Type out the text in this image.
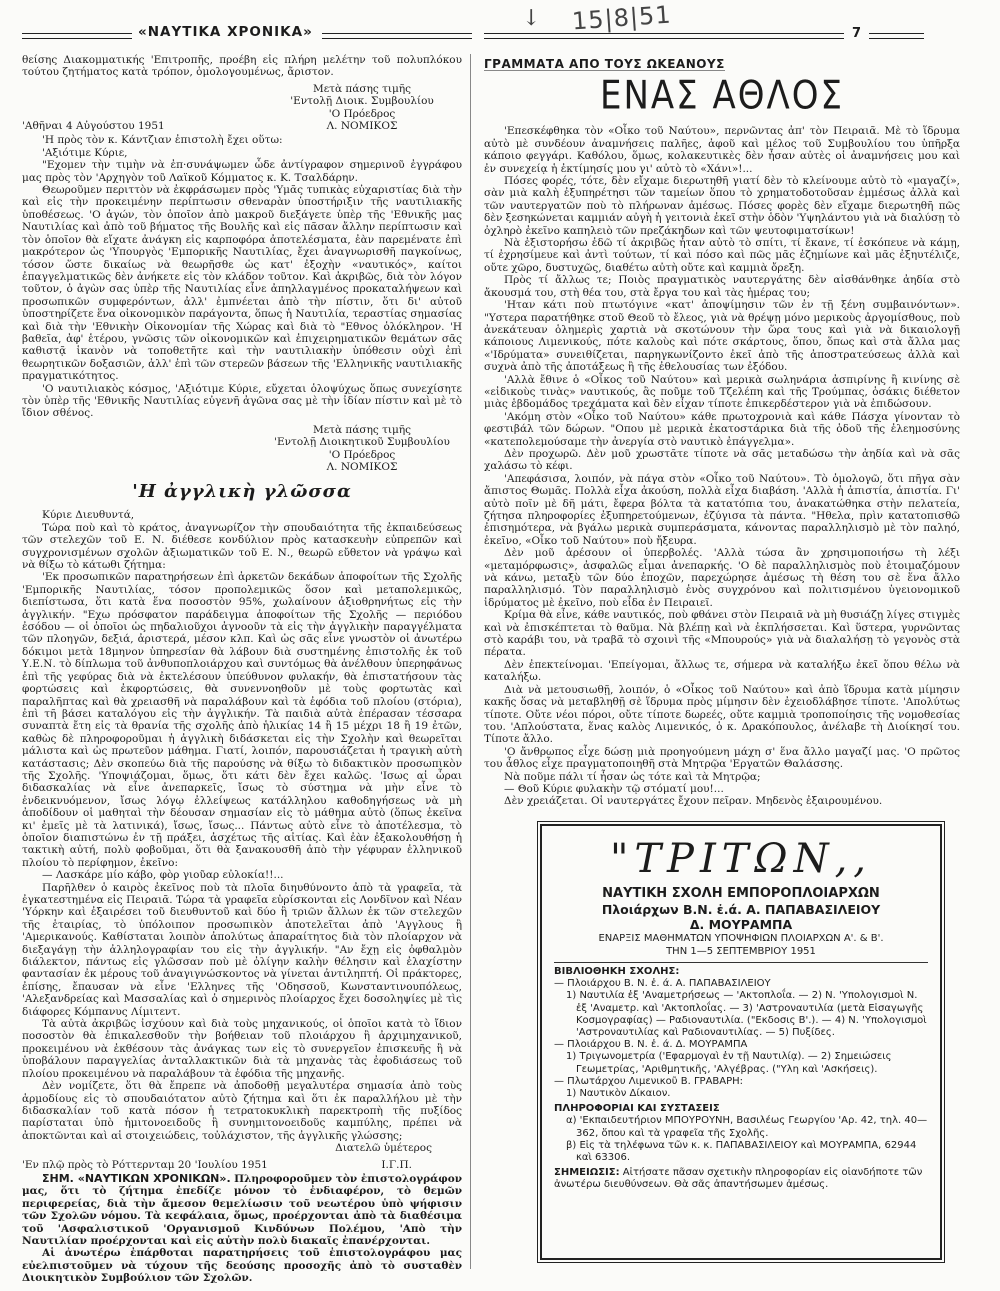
15|8|51
↓
«ΝΑΥΤΙΚΑ ΧΡΟΝΙΚΑ»	7

θείσης Διακομματικής 'Επιτροπῆς, προέβη εἰς πλήρη μελέτην τοῦ πολυπλόκου τούτου ζητήματος κατὰ τρόπον, ὁμολογουμένως, ἄριστον.

'Αθῆναι 4 Αὐγούστου 1951
Μετὰ πάσης τιμῆς
'Εντολῇ Διοικ. Συμβουλίου
'Ο Πρόεδρος
Λ. ΝΟΜΙΚΟΣ

'Η πρὸς τὸν κ. Κάντζιαν ἐπιστολὴ ἔχει οὕτω:

'Αξιότιμε Κύριε,

"Εχομεν τὴν τιμὴν νὰ ἐπ·συνάψωμεν ὧδε ἀντίγραφον σημερινοῦ ἐγγράφου μας πρὸς τὸν 'Αρχηγὸν τοῦ Λαϊκοῦ Κόμματος κ. Κ. Τσαλδάρην.

Θεωροῦμεν περιττὸν νὰ ἐκφράσωμεν πρὸς 'Υμᾶς τυπικὰς εὐχαριστίας διὰ τὴν καὶ εἰς τὴν προκειμένην περίπτωσιν σθεναρὰν ὑποστήριξιν τῆς ναυτιλιακῆς ὑποθέσεως. 'Ο ἀγών, τὸν ὁποῖον ἀπὸ μακροῦ διεξάγετε ὑπὲρ τῆς 'Εθνικῆς μας Ναυτιλίας καὶ ἀπὸ τοῦ βήματος τῆς Βουλῆς καὶ εἰς πᾶσαν ἄλλην περίπτωσιν καὶ τὸν ὁποῖον θὰ εἴχατε ἀνάγκη εἰς καρποφόρα ἀποτελέσματα, ἐὰν παρεμένατε ἐπὶ μακρότερον ὡς 'Υπουργὸς 'Εμπορικῆς Ναυτιλίας, ἔχει ἀναγνωρισθῆ παγκοίνως, τόσον ὥστε δικαίως νὰ θεωρῆσθε ὡς κατ' ἐξοχὴν «ναυτικός», καίτοι ἐπαγγελματικῶς δὲν ἀνήκετε εἰς τὸν κλάδον τοῦτον. Καὶ ἀκριβῶς, διὰ τὸν λόγον τοῦτον, ὁ ἀγὼν σας ὑπὲρ τῆς Ναυτιλίας εἶνε ἀπηλλαγμένος προκαταλήψεων καὶ προσωπικῶν συμφερόντων, ἀλλ' ἐμπνέεται ἀπὸ τὴν πίστιν, ὅτι δι' αὐτοῦ ὑποστηρίζετε ἕνα οἰκονομικὸν παράγοντα, ὅπως ἡ Ναυτιλία, τεραστίας σημασίας καὶ διὰ τὴν 'Εθνικὴν Οἰκονομίαν τῆς Χώρας καὶ διὰ τὸ "Εθνος ὁλόκληρον. 'Η βαθεῖα, ἀφ' ἑτέρου, γνῶσις τῶν οἰκονομικῶν καὶ ἐπιχειρηματικῶν θεμάτων σᾶς καθιστᾷ ἱκανὸν νὰ τοποθετῆτε καὶ τὴν ναυτιλιακὴν ὑπόθεσιν οὐχὶ ἐπὶ θεωρητικῶν δοξασιῶν, ἀλλ' ἐπὶ τῶν στερεῶν βάσεων τῆς 'Ελληνικῆς ναυτιλιακῆς πραγματικότητος.

'Ο ναυτιλιακὸς κόσμος, 'Αξιότιμε Κύριε, εὔχεται ὁλοψύχως ὅπως συνεχίσητε τὸν ὑπὲρ τῆς 'Εθνικῆς Ναυτιλίας εὐγενῆ ἀγῶνα σας μὲ τὴν ἰδίαν πίστιν καὶ μὲ τὸ ἴδιον σθένος.

Μετὰ πάσης τιμῆς
'Εντολῇ Διοικητικοῦ Συμβουλίου
'Ο Πρόεδρος
Λ. ΝΟΜΙΚΟΣ
'Η ἀγγλικὴ γλῶσσα

Κύριε Διευθυντά,

Τώρα ποὺ καὶ τὸ κράτος, ἀναγνωρίζον τὴν σπουδαιότητα τῆς ἐκπαιδεύσεως τῶν στελεχῶν τοῦ Ε. Ν. διέθεσε κονδύλιον πρὸς κατασκευὴν εὐπρεπῶν καὶ συγχρονισμένων σχολῶν ἀξιωματικῶν τοῦ Ε. Ν., θεωρῶ εὔθετον νὰ γράψω καὶ νὰ θίξω τὸ κάτωθι ζήτημα:

'Εκ προσωπικῶν παρατηρήσεων ἐπὶ ἀρκετῶν δεκάδων ἀποφοίτων τῆς Σχολῆς 'Εμπορικῆς Ναυτιλίας, τόσον προπολεμικῶς ὅσον καὶ μεταπολεμικῶς, διεπίστωσα, ὅτι κατὰ ἕνα ποσοστὸν 95%, χωλαίνουν ἀξιοθρηνήτως εἰς τὴν ἀγγλικήν. "Εχω πρόσφατον παράδειγμα ἀποφοίτων τῆς Σχολῆς — περιόδου ἐσόδου — οἱ ὁποῖοι ὡς πηδαλιοῦχοι ἀγνοοῦν τὰ εἰς τὴν ἀγγλικὴν παραγγέλματα τῶν πλοηγῶν, δεξιά, ἀριστερά, μέσον κλπ. Καὶ ὡς σᾶς εἶνε γνωστὸν οἱ ἀνωτέρω δόκιμοι μετὰ 18μηνον ὑπηρεσίαν θὰ λάβουν διὰ συστημένης ἐπιστολῆς ἐκ τοῦ Υ.Ε.Ν. τὸ δίπλωμα τοῦ ἀνθυποπλοιάρχου καὶ συντόμως θὰ ἀνέλθουν ὑπερηφάνως ἐπὶ τῆς γεφύρας διὰ νὰ ἐκτελέσουν ὑπεύθυνον φυλακήν, θὰ ἐπιστατήσουν τὰς φορτώσεις καὶ ἐκφορτώσεις, θὰ συνεννοηθοῦν μὲ τοὺς φορτωτὰς καὶ παραλῆπτας καὶ θὰ χρειασθῆ νὰ παραλάβουν καὶ τὰ ἐφόδια τοῦ πλοίου (στόρια), ἐπὶ τῆ βάσει καταλόγου εἰς τὴν ἀγγλικήν. Τὰ παιδιὰ αὐτὰ ἐπέρασαν τέσσαρα συναπτὰ ἔτη εἰς τὰ θρανία τῆς σχολῆς ἀπὸ ἡλικίας 14 ἢ 15 μέχρι 18 ἢ 19 ἐτῶν, καθὼς δὲ πληροφοροῦμαι ἡ ἀγγλικὴ διδάσκεται εἰς τὴν Σχολὴν καὶ θεωρεῖται μάλιστα καὶ ὡς πρωτεῦον μάθημα. Γιατί, λοιπόν, παρουσιάζεται ἡ τραγικὴ αὐτὴ κατάστασις; Δὲν σκοπεύω διὰ τῆς παρούσης νὰ θίξω τὸ διδακτικὸν προσωπικὸν τῆς Σχολῆς. 'Υποψιάζομαι, ὅμως, ὅτι κάτι δὲν ἔχει καλῶς. 'Ισως αἱ ὧραι διδασκαλίας νὰ εἶνε ἀνεπαρκεῖς, ἴσως τὸ σύστημα νὰ μὴν εἶνε τὸ ἐνδεικνυόμενον, ἴσως λόγῳ ἐλλείψεως κατάλληλου καθοδηγήσεως νὰ μὴ ἀποδίδουν οἱ μαθηταὶ τὴν δέουσαν σημασίαν εἰς τὸ μάθημα αὐτὸ (ὅπως ἐκεῖνα κι' ἐμεῖς μὲ τὰ λατινικά), ἴσως, ἴσως... Πάντως αὐτὸ εἶνε τὸ ἀποτέλεσμα, τὸ ὁποῖον διαπιστώνω ἐν τῇ πράξει, ἀσχέτως τῆς αἰτίας. Καὶ ἐὰν ἐξακολουθήσῃ ἡ τακτικὴ αὐτή, πολὺ φοβοῦμαι, ὅτι θὰ ξανακουσθῆ ἀπὸ τὴν γέφυραν ἑλληνικοῦ πλοίου τὸ περίφημον, ἐκεῖνο:

— Λασκάρε μίο κάβο, φὸρ γιοῦαρ εὐλοκία!!...

Παρῆλθεν ὁ καιρὸς ἐκεῖνος ποὺ τὰ πλοῖα διηυθύνοντο ἀπὸ τὰ γραφεῖα, τὰ ἐγκατεστημένα εἰς Πειραιᾶ. Τώρα τὰ γραφεῖα εὑρίσκονται εἰς Λονδῖνον καὶ Νέαν 'Υόρκην καὶ ἐξαιρέσει τοῦ διευθυντοῦ καὶ δύο ἢ τριῶν ἄλλων ἐκ τῶν στελεχῶν τῆς ἑταιρίας, τὸ ὑπόλοιπον προσωπικὸν ἀποτελεῖται ἀπὸ 'Αγγλους ἢ 'Αμερικανούς. Καθίσταται λοιπὸν ἀπολύτως ἀπαραίτητος διὰ τὸν πλοίαρχον νὰ διεξαγάγῃ τὴν ἀλληλογραφίαν του εἰς τὴν ἀγγλικήν. "Αν ἔχῃ εἰς ὀφθαλμὸν διάλεκτον, πάντως εἰς γλῶσσαν ποὺ μὲ ὀλίγην καλὴν θέλησιν καὶ ἐλαχίστην φαντασίαν ἐκ μέρους τοῦ ἀναγιγνώσκοντος νὰ γίνεται ἀντιληπτή. Οἱ πράκτορες, ἐπίσης, ἔπαυσαν νὰ εἶνε 'Ελληνες τῆς 'Οδησσοῦ, Κωνσταντινουπόλεως, 'Αλεξανδρείας καὶ Μασσαλίας καὶ ὁ σημερινὸς πλοίαρχος ἔχει δοσοληψίες μὲ τὶς διάφορες Κόμπανυς Λίμιτεντ.

Τὰ αὐτὰ ἀκριβῶς ἰσχύουν καὶ διὰ τοὺς μηχανικούς, οἱ ὁποῖοι κατὰ τὸ ἴδιον ποσοστὸν θὰ ἐπικαλεσθοῦν τὴν βοήθειαν τοῦ πλοιάρχου ἢ ἀρχιμηχανικοῦ, προκειμένου νὰ ἐκθέσουν τὰς ἀνάγκας των εἰς τὸ συνεργεῖον ἐπισκευῆς ἢ νὰ ὑποβάλουν παραγγελίας ἀνταλλακτικῶν διὰ τὰ μηχανὰς τὰς ἐφοδιάσεως τοῦ πλοίου προκειμένου νὰ παραλάβουν τὰ ἐφόδια τῆς μηχανῆς.

Δὲν νομίζετε, ὅτι θὰ ἔπρεπε νὰ ἀποδοθῇ μεγαλυτέρα σημασία ἀπὸ τοὺς ἁρμοδίους εἰς τὸ σπουδαιότατον αὐτὸ ζήτημα καὶ ὅτι ἐκ παραλλήλου μὲ τὴν διδασκαλίαν τοῦ κατὰ πόσον ἡ τετρατοκυκλικὴ παρεκτροπὴ τῆς πυξίδος παρίσταται ὑπὸ ἡμιτονοειδοῦς ἢ συνημιτονοειδοῦς καμπύλης, πρέπει νὰ ἀποκτῶνται καὶ αἱ στοιχειώδεις, τοὐλάχιστον, τῆς ἀγγλικῆς γλώσσης;

Διατελῶ ὑμέτερος
'Εν πλῷ πρὸς τὸ Ρόττερνταμ 20 'Ιουλίου 1951	Ι.Γ.Π.

ΣΗΜ. «ΝΑΥΤΙΚΩΝ ΧΡΟΝΙΚΩΝ». Πληροφοροῦμεν τὸν ἐπιστολογράφον μας, ὅτι τὸ ζήτημα ἐπεδίζε μόνον τὸ ἐνδιαφέρον, τὸ θεμῶν περιφερείας, διὰ τὴν ἄμεσον θεμελίωσιν τοῦ νεωτέρου ὑπὸ ψήφισιν τῶν Σχολῶν νόμου. Τὰ κεφάλαια, ὅμως, προέρχονται ἀπὸ τὰ διαθέσιμα τοῦ 'Ασφαλιστικοῦ 'Οργανισμοῦ Κινδύνων Πολέμου, 'Απὸ τὴν Ναυτιλίαν προέρχονται καὶ εἰς αὐτὴν πολὺ διακαῖς ἐπανέρχονται.

Αἱ ἀνωτέρω ἐπάρθοται παρατηρήσεις τοῦ ἐπιστολογράφου μας εὐελπιστοῦμεν νὰ τύχουν τῆς δεούσης προσοχῆς ἀπὸ τὸ συσταθὲν Διοικητικὸν Συμβούλιον τῶν Σχολῶν.

ΓΡΑΜΜΑΤΑ ΑΠΟ ΤΟΥΣ ΩΚΕΑΝΟΥΣ
ΕΝΑΣ ΑΘΛΟΣ

'Επεσκέφθηκα τὸν «Οἶκο τοῦ Ναύτου», περνῶντας ἀπ' τὸν Πειραιᾶ. Μὲ τὸ ἵδρυμα αὐτὸ μὲ συνδέουν ἀναμνήσεις παλῆες, ἀφοῦ καὶ μέλος τοῦ Συμβουλίου του ὑπῆρξα κάποιο φεγγάρι. Καθόλου, ὅμως, κολακευτικὲς δὲν ἦσαν αὐτὲς οἱ ἀναμνήσεις μου καὶ ἐν συνεχείᾳ ἡ ἐκτίμησίς μου γι' αὐτὸ τὸ «Χάνι»!...

Πόσες φορές, τότε, δὲν εἴχαμε διερωτηθῆ γιατί δὲν τὸ κλείνουμε αὐτὸ τὸ «μαγαζί», σὰν μιὰ καλὴ ἐξυπηρέτησι τῶν ταμείων ὅπου τὸ χρηματοδοτοῦσαν ἐμμέσως ἀλλὰ καὶ τῶν ναυτεργατῶν ποὺ τὸ πλήρωναν ἀμέσως. Πόσες φορὲς δὲν εἴχαμε διερωτηθῆ πῶς δὲν ξεσηκώνεται καμμιάν αὐγὴ ἡ γειτονιὰ ἐκεῖ στὴν ὁδὸν 'Υψηλάντου γιὰ νὰ διαλύσῃ τὸ ὀχληρὸ ἐκεῖνο καπηλειὸ τῶν πρεζάκηδων καὶ τῶν ψευτοφιματσίκων!

Νὰ ἐξιστορήσω ἐδῶ τί ἀκριβῶς ἦταν αὐτὸ τὸ σπίτι, τί ἔκανε, τί ἐσκόπευε νὰ κάμῃ, τί ἐχρησίμευε καὶ ἀντὶ τούτων, τί καὶ πόσο καὶ πῶς μᾶς ἐζημίωνε καὶ μᾶς ἐξηυτέλιζε, οὔτε χῶρο, δυστυχῶς, διαθέτω αὐτὴ οὔτε καὶ καμμιὰ ὄρεξη.

Πρὸς τί ἄλλως τε; Ποιὸς πραγματικὸς ναυτεργάτης δὲν αἰσθάνθηκε ἀηδία στὸ ἄκουσμά του, στὴ θέα του, στὰ ἔργα του καὶ τὰς ἡμέρας του;

'Ηταν κάτι ποὺ πτωτόγινε «κατ' ἀποψίμησιν τῶν ἐν τῇ ξένη συμβαινόντων». "Υστερα παρατήθηκε στοῦ Θεοῦ τὸ ἔλεος, γιὰ νὰ θρέψῃ μόνο μερικοὺς ἀργομίσθους, ποὺ ἀνεκάτευαν ὁλημερὶς χαρτιὰ νὰ σκοτώνουν τὴν ὥρα τους καὶ γιὰ νὰ δικαιολογῇ κάποιους Λιμενικούς, πότε καλοὺς καὶ πότε σκάρτους, ὅπου, ὅπως καὶ στὰ ἄλλα μας «'Ιδρύματα» συνειθίζεται, παρηγκωνίζοντο ἐκεῖ ἀπὸ τῆς ἀποστρατεύσεως ἀλλὰ καὶ συχνὰ ἀπὸ τῆς ἀποτάξεως ἢ τῆς ἐθελουσίας των ἐξόδου.

'Αλλὰ ἔθινε ὁ «Οἶκος τοῦ Ναύτου» καὶ μερικὰ σωληνάρια ἀσπιρίνης ἢ κινίνης σὲ «εἰδικοὺς τινὰς» ναυτικούς, ἂς ποῦμε τοῦ Τζελέπη καὶ τῆς Τρούμπας, ὁσάκις διέθετον μιὰς ἑβδομάδος τρεχάματα καὶ δὲν εἶχαν τίποτε ἐπικερδέστερον γιὰ νὰ ἐπιδώσουν.

'Ακόμη στὸν «Οἶκο τοῦ Ναύτου» κάθε πρωτοχρονιὰ καὶ κάθε Πάσχα γίνονταν τὸ φεστιβάλ τῶν δώρων. "Οπου μὲ μερικὰ ἑκατοστάρικα διὰ τῆς ὁδοῦ τῆς ἐλεημοσύνης «κατεπολεμούσαμε τὴν ἀνεργία στὸ ναυτικὸ ἐπάγγελμα».

Δὲν προχωρῶ. Δὲν μοῦ χρωστᾶτε τίποτε νὰ σᾶς μεταδώσω τὴν ἀηδία καὶ νὰ σᾶς χαλάσω τὸ κέφι.

'Απεφάσισα, λοιπόν, νὰ πάγα στὸν «Οἶκο τοῦ Ναύτου». Τὸ ὁμολογῶ, ὅτι πῆγα σὰν ἄπιστος Θωμᾶς. Πολλὰ εἶχα ἀκούση, πολλὰ εἶχα διαβάση. 'Αλλὰ ἡ ἀπιστία, ἀπιστία. Γι' αὐτὸ ποῖν μὲ δῆ μάτι, ἔφερα βόλτα τὰ κατατόπια του, ἀνακατώθηκα στὴν πελατεία, ζήτησα πληροφορίες ἐξυπηρετούμενων, ἐζύγισα τὰ πάντα. "Ηθελα, πρὶν κατατοπισθῶ ἐπισημότερα, νὰ βγάλω μερικὰ συμπεράσματα, κάνοντας παραλληλισμὸ μὲ τὸν παληό, ἐκεῖνο, «Οἶκο τοῦ Ναύτου» ποὺ ἤξευρα.

Δὲν μοῦ ἀρέσουν οἱ ὑπερβολές. 'Αλλὰ τώσα ἂν χρησιμοποιήσω τὴ λέξι «μεταμόρφωσις», ἀσφαλῶς εἶμαι ἀνεπαρκής. 'Ο δὲ παραλληλισμὸς ποὺ ἑτοιμαζόμουν νὰ κάνω, μεταξὺ τῶν δύο ἐποχῶν, παρεχώρησε ἀμέσως τὴ θέση του σὲ ἕνα ἄλλο παραλληλισμό. Τὸν παραλληλισμὸ ἑνὸς συγχρόνου καὶ πολιτισμένου ὑγειονομικοῦ ἱδρύματος μὲ ἐκεῖνο, ποὺ εἶδα ἐν Πειραιεῖ.

Κρίμα θὰ εἶνε, κάθε ναυτικός, ποὺ φθάνει στὸν Πειραιᾶ νὰ μὴ θυσιάζῃ λίγες στιγμὲς καὶ νὰ ἐπισκέπτεται τὸ θαῦμα. Νὰ βλέπῃ καὶ νὰ ἐκπλήσσεται. Καὶ ὕστερα, γυρνῶντας στὸ καράβι του, νὰ τραβᾶ τὸ σχοινὶ τῆς «Μπουρούς» γιὰ νὰ διαλαλήσῃ τὸ γεγονὸς στὰ πέρατα.

Δὲν ἐπεκτείνομαι. 'Επείγομαι, ἄλλως τε, σήμερα νὰ καταλήξω ἐκεῖ ὅπου θέλω νὰ καταλήξω.

Διὰ νὰ μετουσιωθῇ, λοιπόν, ὁ «Οἶκος τοῦ Ναύτου» καὶ ἀπὸ ἵδρυμα κατὰ μίμησιν κακῆς ὅσας νὰ μεταβληθῇ σὲ ἵδρυμα πρὸς μίμησιν δὲν ἐχειοδλάβησε τίποτε. 'Απολύτως τίποτε. Οὔτε νέοι πόροι, οὔτε τίποτε δωρεές, οὔτε καμμιὰ τροποποίησις τῆς νομοθεσίας του. 'Απλούστατα, ἕνας καλὸς Λιμενικός, ὁ κ. Δρακόπουλος, ἀνέλαβε τὴ Διοίκησί του. Τίποτε ἄλλο.

'Ο ἄνθρωπος εἶχε δώσῃ μιὰ προηγούμενη μάχη σ' ἕνα ἄλλο μαγαζί μας. 'Ο πρῶτος του ἆθλος εἶχε πραγματοποιηθῆ στὰ Μητρῷα 'Εργατῶν Θαλάσσης.

Νὰ ποῦμε πάλι τί ἦσαν ὡς τότε καὶ τὰ Μητρῷα;

— Θοῦ Κύριε φυλακὴν τῷ στόματί μου!...

Δὲν χρειάζεται. Οἱ ναυτεργάτες ἔχουν πεῖραν. Μηδενὸς ἐξαιρουμένου.

"ΤΡΙΤΩΝ,,
ΝΑΥΤΙΚΗ ΣΧΟΛΗ ΕΜΠΟΡΟΠΛΟΙΑΡΧΩΝ
Πλοιάρχων Β.Ν. ἐ.ά. Α. ΠΑΠΑΒΑΣΙΛΕΙΟΥ
Δ. ΜΟΥΡΑΜΠΑ
ΕΝΑΡΞΙΣ ΜΑΘΗΜΑΤΩΝ ΥΠΟΨΗΦΙΩΝ ΠΛΟΙΑΡΧΩΝ Α'. & Β'.
ΤΗΝ 1—5 ΣΕΠΤΕΜΒΡΙΟΥ 1951
ΒΙΒΛΙΟΘΗΚΗ ΣΧΟΛΗΣ:
— Πλοιάρχου Β. Ν. ἐ. ά. Α. ΠΑΠΑΒΑΣΙΛΕΙΟΥ
1) Ναυτιλία ἐξ 'Αναμετρήσεως — 'Ακτοπλοΐα. — 2) Ν. 'Υπολογισμοὶ Ν. ἐξ 'Αναμετρ. καὶ 'Ακτοπλοΐας. — 3) 'Αστροναυτιλία (μετὰ Εἰσαγωγῆς Κοσμογραφίας) — Ραδιοναυτιλία. ("Εκδοσις Β'.). — 4) Ν. 'Υπολογισμοὶ 'Αστροναυτιλίας καὶ Ραδιοναυτιλίας. — 5) Πυξίδες.
— Πλοιάρχου Β. Ν. ἐ. ά. Δ. ΜΟΥΡΑΜΠΑ
1) Τριγωνομετρία ('Εφαρμογαὶ ἐν τῇ Ναυτιλίᾳ). — 2) Σημειώσεις Γεωμετρίας, 'Αριθμητικῆς, 'Αλγέβρας. ("Υλη καὶ 'Ασκήσεις).
— Πλωτάρχου Λιμενικοῦ Β. ΓΡΑΒΑΡΗ:
1) Ναυτικὸν Δίκαιον.
ΠΛΗΡΟΦΟΡΙΑΙ ΚΑΙ ΣΥΣΤΑΣΕΙΣ
α) 'Εκπαιδευτήριον ΜΠΟΥΡΟΥΝΗ, Βασιλέως Γεωργίου 'Αρ. 42, τηλ. 40—362, ὅπου καὶ τὰ γραφεῖα τῆς Σχολῆς.
β) Εἰς τὰ τηλέφωνα τῶν κ. κ. ΠΑΠΑΒΑΣΙΛΕΙΟΥ καὶ ΜΟΥΡΑΜΠΑ, 62944 καὶ 63306.
ΣΗΜΕΙΩΣΙΣ: Αἰτήσατε πᾶσαν σχετικὴν πληροφορίαν εἰς οἱανδήποτε τῶν ἀνωτέρω διευθύνσεων. Θὰ σᾶς ἀπαντήσωμεν ἀμέσως.
